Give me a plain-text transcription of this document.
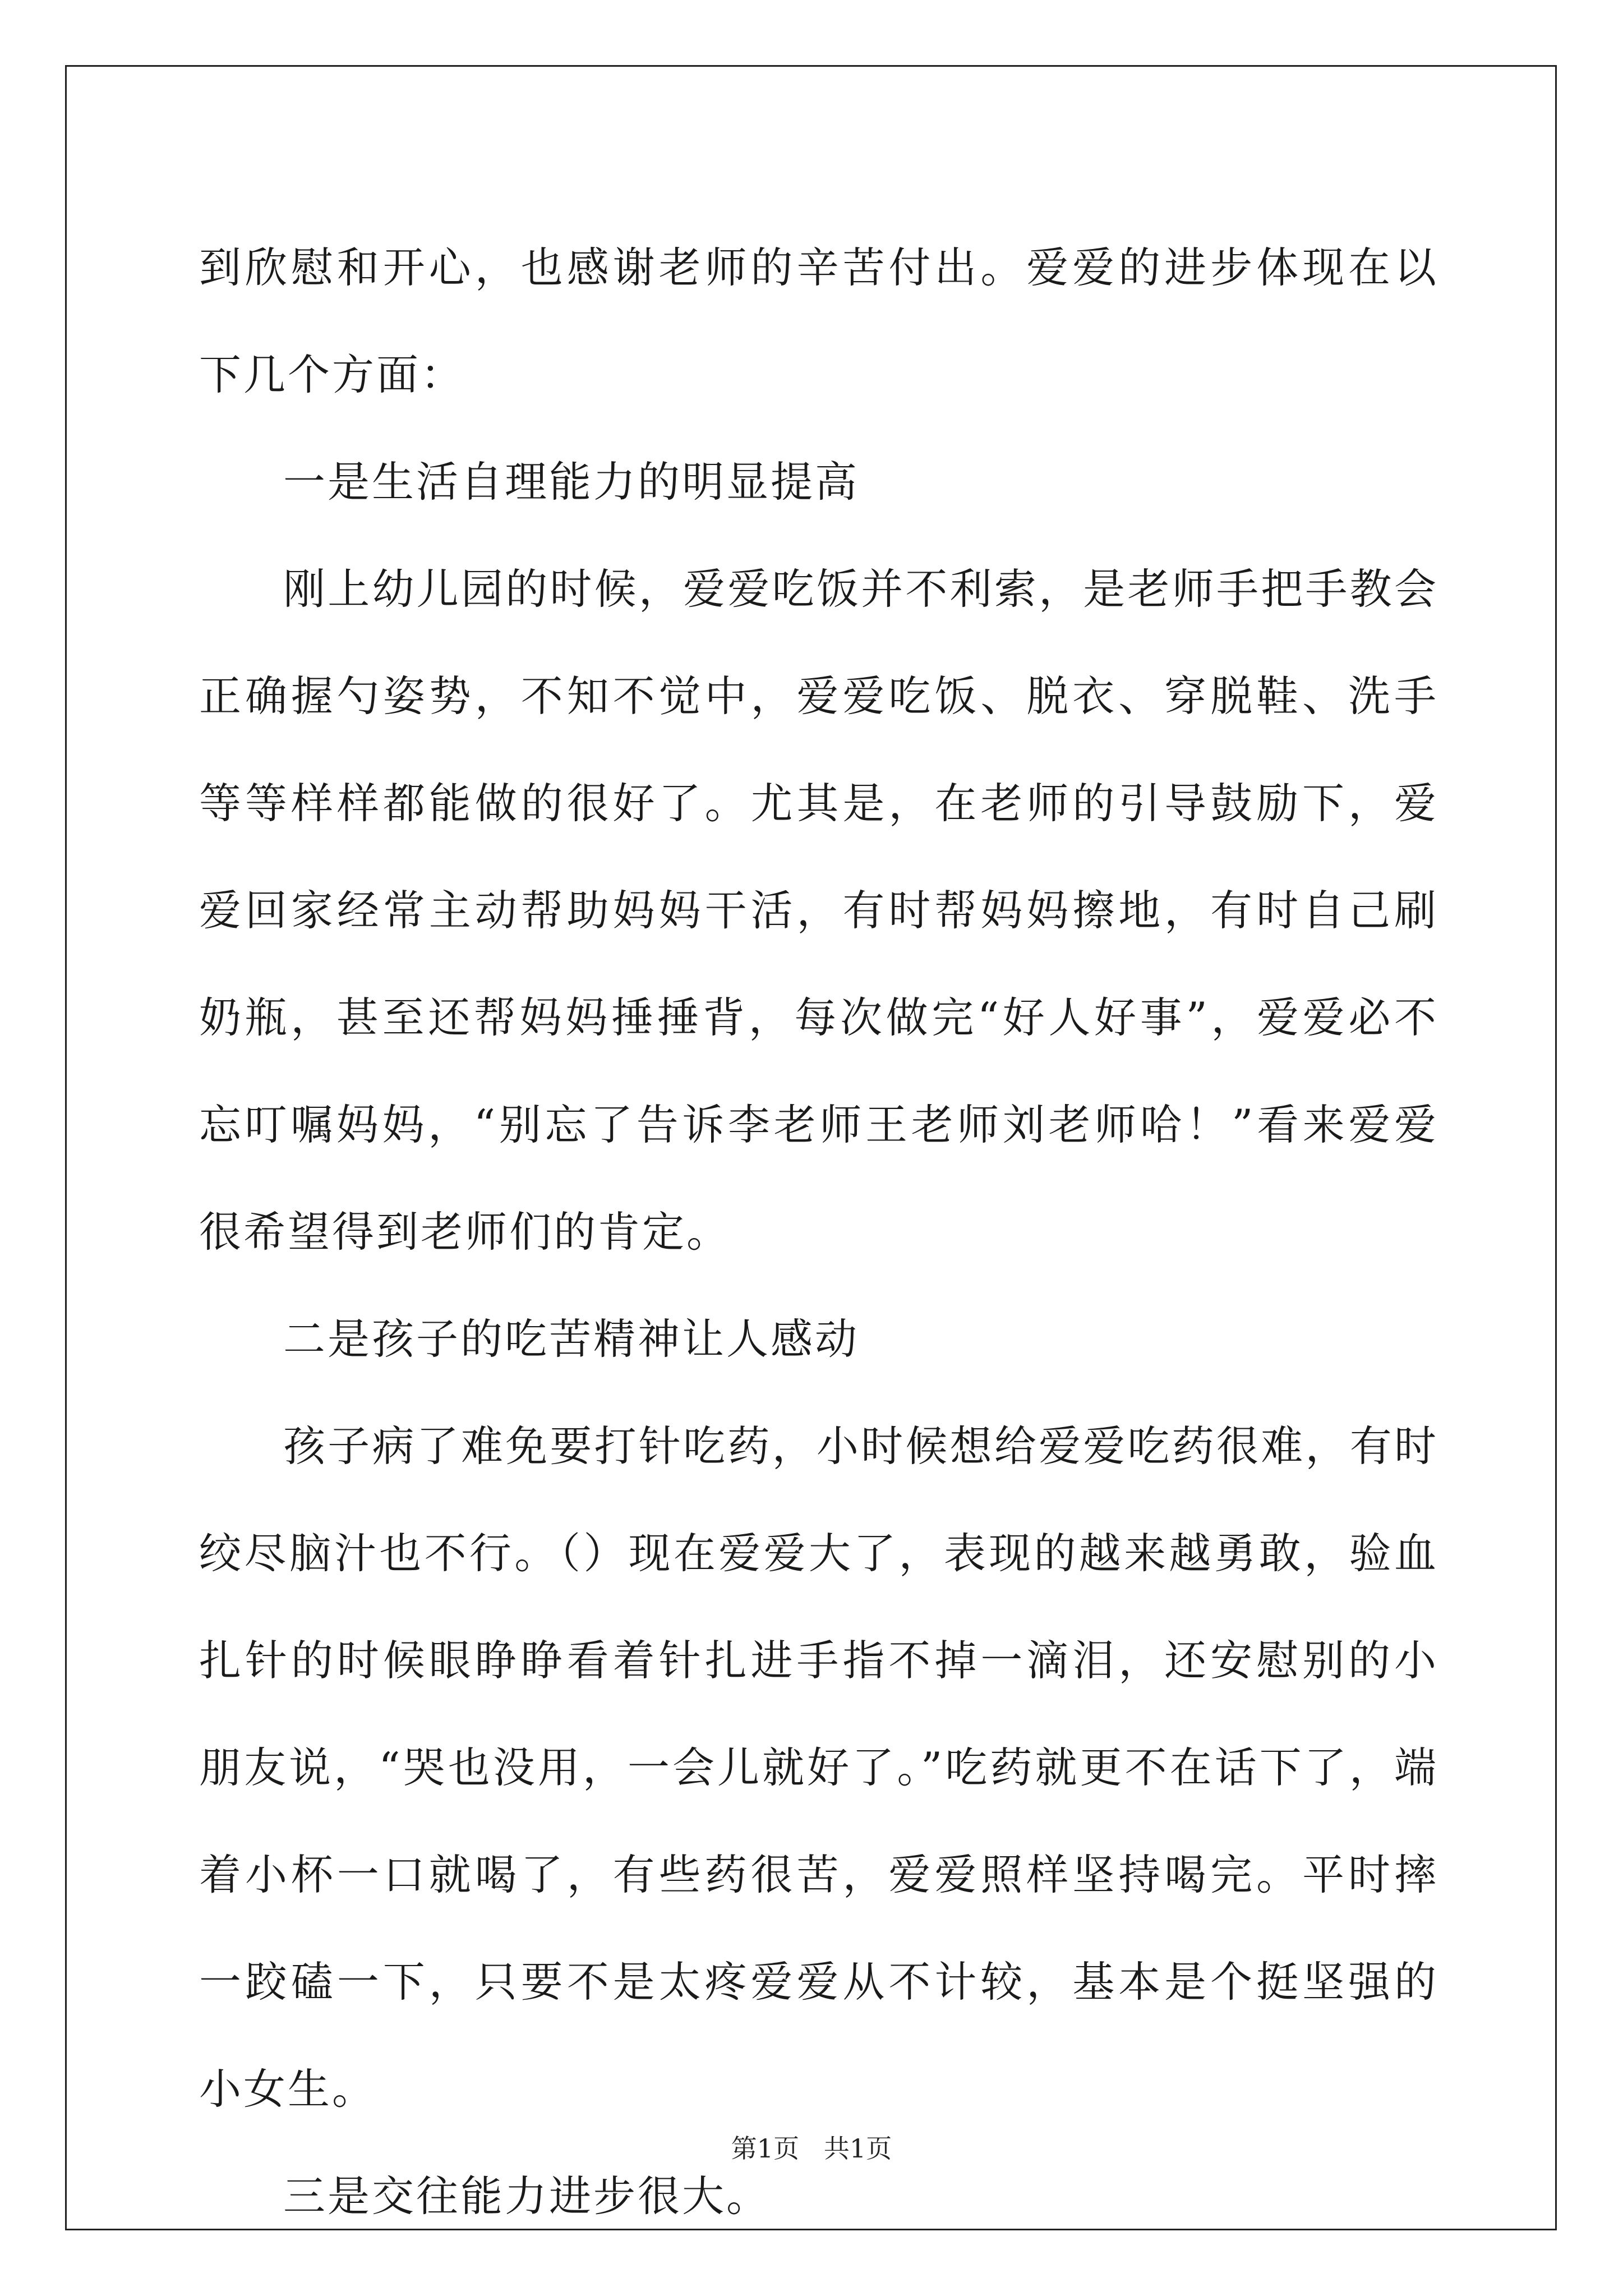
到欣慰和开心，也感谢老师的辛苦付出。爱爱的进步体现在以下几个方面：

一是生活自理能力的明显提高

刚上幼儿园的时候，爱爱吃饭并不利索，是老师手把手教会正确握勺姿势，不知不觉中，爱爱吃饭、脱衣、穿脱鞋、洗手等等样样都能做的很好了。尤其是，在老师的引导鼓励下，爱爱回家经常主动帮助妈妈干活，有时帮妈妈擦地，有时自己刷奶瓶，甚至还帮妈妈捶捶背，每次做完“好人好事”，爱爱必不忘叮嘱妈妈，“别忘了告诉李老师王老师刘老师哈！”看来爱爱很希望得到老师们的肯定。

二是孩子的吃苦精神让人感动

孩子病了难免要打针吃药，小时候想给爱爱吃药很难，有时绞尽脑汁也不行。（）现在爱爱大了，表现的越来越勇敢，验血扎针的时候眼睁睁看着针扎进手指不掉一滴泪，还安慰别的小朋友说，“哭也没用，一会儿就好了。”吃药就更不在话下了，端着小杯一口就喝了，有些药很苦，爱爱照样坚持喝完。平时摔一跤磕一下，只要不是太疼爱爱从不计较，基本是个挺坚强的小女生。

三是交往能力进步很大。

第1页   共1页
